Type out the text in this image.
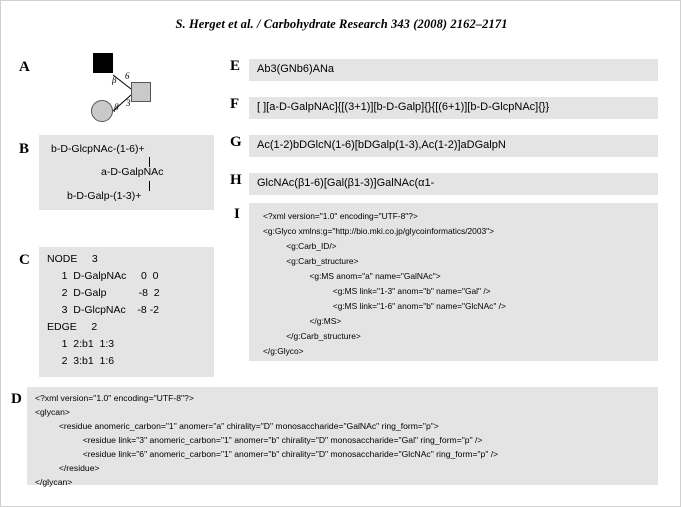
S. Herget et al. / Carbohydrate Research 343 (2008) 2162–2171
A
β 6
β 3
B b-D-GlcpNAc-(1-6)+
a-D-GalpNAc
b-D-Galp-(1-3)+
C NODE     3
1  D-GalpNAc     0  0
2  D-Galp           -8  2
3  D-GlcpNAc    -8 -2
EDGE     2
1  2:b1  1:3
2  3:b1  1:6
D <?xml version="1.0" encoding="UTF-8"?>
<glycan>
<residue anomeric_carbon="1" anomer="a" chirality="D" monosaccharide="GalNAc" ring_form="p">
<residue link="3" anomeric_carbon="1" anomer="b" chirality="D" monosaccharide="Gal" ring_form="p" />
<residue link="6" anomeric_carbon="1" anomer="b" chirality="D" monosaccharide="GlcNAc" ring_form="p" />
</residue>
</glycan>
E Ab3(GNb6)ANa
F [ ][a-D-GalpNAc]{[(3+1)][b-D-Galp]{}{[(6+1)][b-D-GlcpNAc]{}}
G Ac(1-2)bDGlcN(1-6)[bDGalp(1-3),Ac(1-2)]aDGalpN
H GlcNAc(β1-6)[Gal(β1-3)]GalNAc(α1-
I	<?xml version="1.0" encoding="UTF-8"?>
<g:Glyco xmlns:g="http://bio.mki.co.jp/glycoinformatics/2003">
<g:Carb_ID/>
<g:Carb_structure>
<g:MS anom="a" name="GalNAc">
<g:MS link="1-3" anom="b" name="Gal" />
<g:MS link="1-6" anom="b" name="GlcNAc" />
</g:MS>
</g:Carb_structure>
</g:Glyco>
